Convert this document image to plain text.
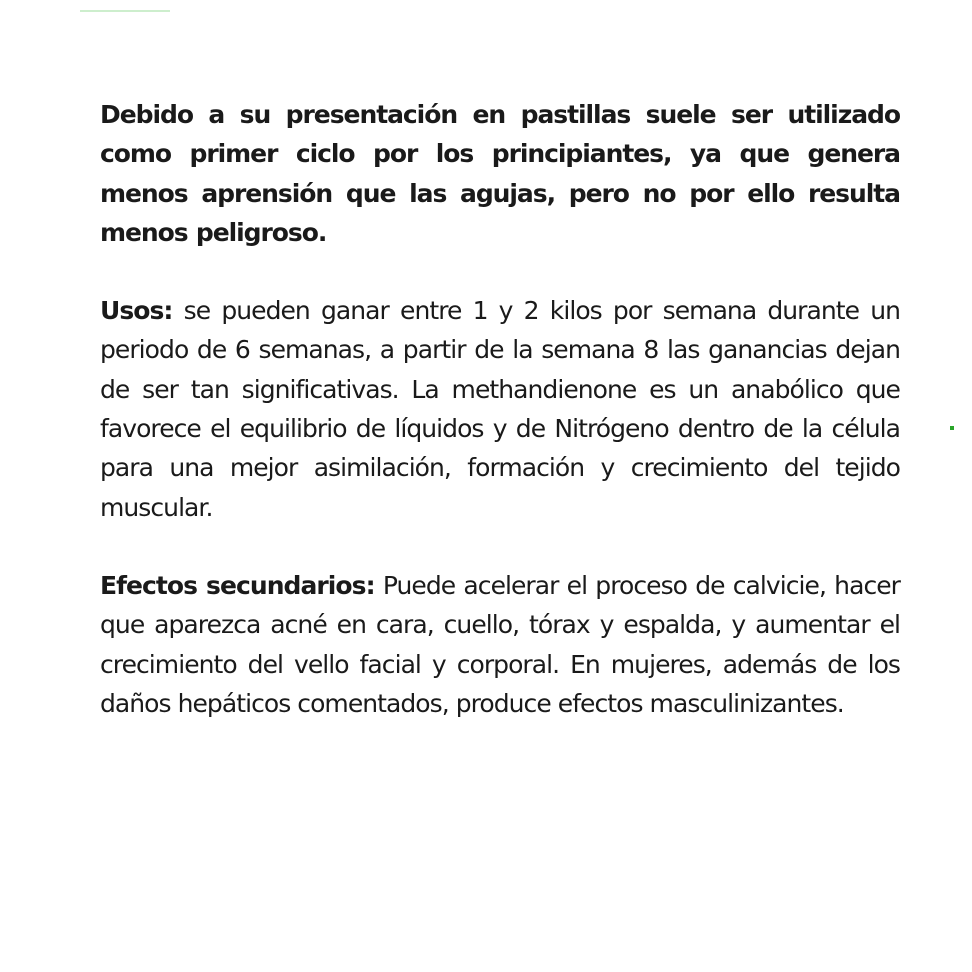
Debido a su presentación en pastillas suele ser utilizado como primer ciclo por los principiantes, ya que genera menos aprensión que las agujas, pero no por ello resulta menos peligroso.

Usos: se pueden ganar entre 1 y 2 kilos por semana durante un periodo de 6 semanas, a partir de la semana 8 las ganancias dejan de ser tan significativas. La methandienone es un anabólico que favorece el equilibrio de líquidos y de Nitrógeno dentro de la célula para una mejor asimilación, formación y crecimiento del tejido muscular.

Efectos secundarios: Puede acelerar el proceso de calvicie, hacer que aparezca acné en cara, cuello, tórax y espalda, y aumentar el crecimiento del vello facial y corporal. En mujeres, además de los daños hepáticos comentados, produce efectos masculinizantes.
